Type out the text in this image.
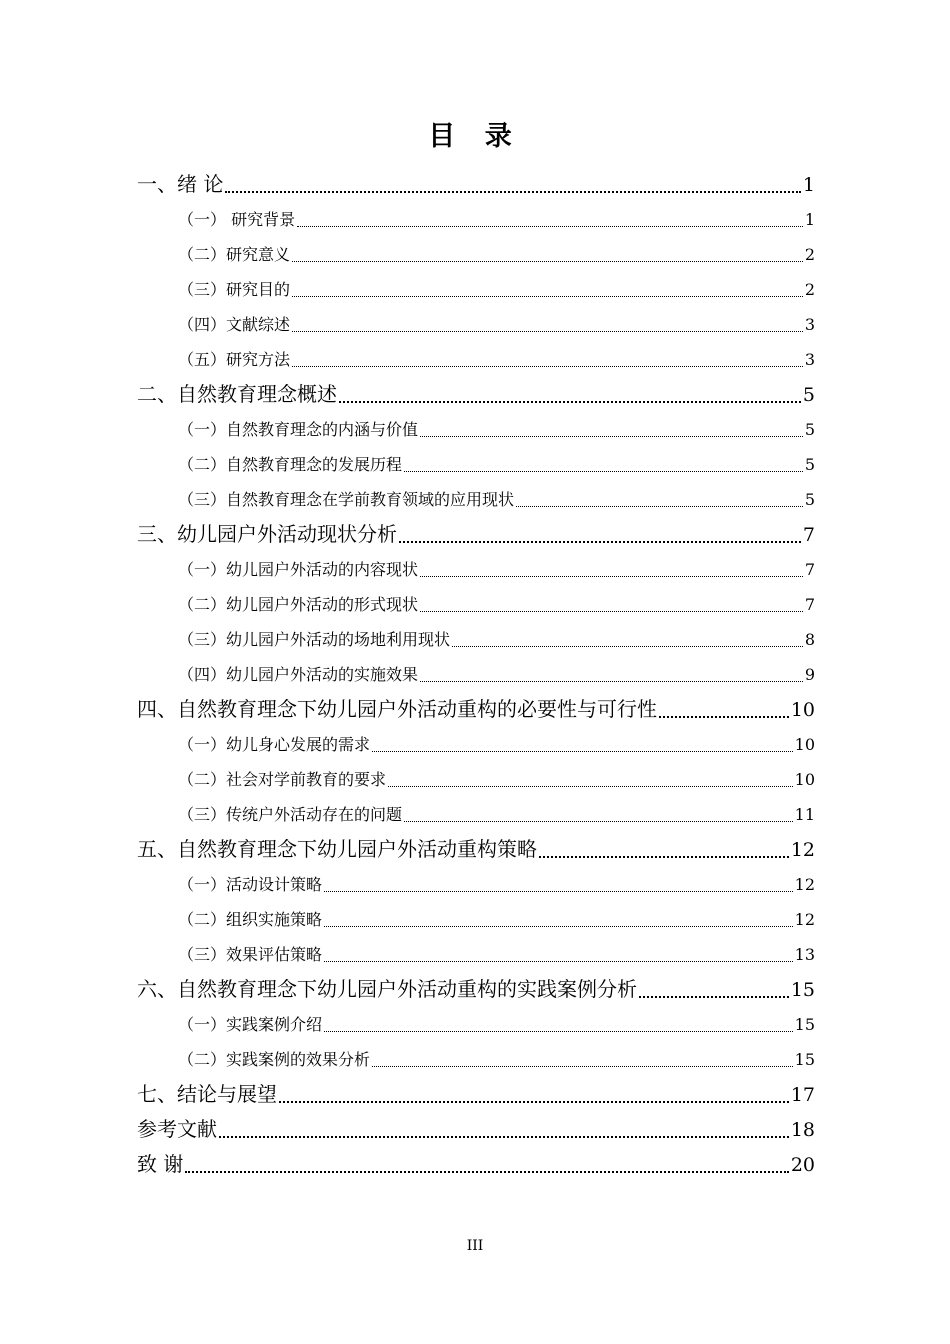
目 录
一、绪 论	1
（一） 研究背景	1
（二）研究意义	2
（三）研究目的	2
（四）文献综述	3
（五）研究方法	3
二、自然教育理念概述	5
（一）自然教育理念的内涵与价值	5
（二）自然教育理念的发展历程	5
（三）自然教育理念在学前教育领域的应用现状	5
三、幼儿园户外活动现状分析	7
（一）幼儿园户外活动的内容现状	7
（二）幼儿园户外活动的形式现状	7
（三）幼儿园户外活动的场地利用现状	8
（四）幼儿园户外活动的实施效果	9
四、自然教育理念下幼儿园户外活动重构的必要性与可行性	10
（一）幼儿身心发展的需求	10
（二）社会对学前教育的要求	10
（三）传统户外活动存在的问题	11
五、自然教育理念下幼儿园户外活动重构策略	12
（一）活动设计策略	12
（二）组织实施策略	12
（三）效果评估策略	13
六、自然教育理念下幼儿园户外活动重构的实践案例分析	15
（一）实践案例介绍	15
（二）实践案例的效果分析	15
七、结论与展望	17
参考文献	18
致 谢	20
III
